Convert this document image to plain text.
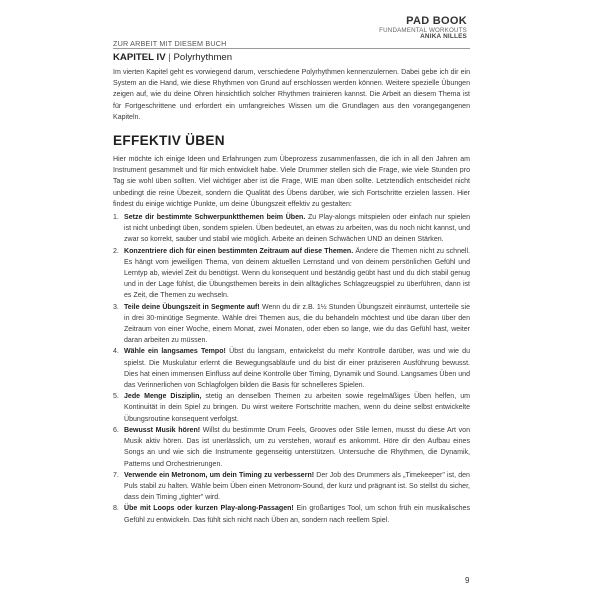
ZUR ARBEIT MIT DIESEM BUCH
PAD BOOK
FUNDAMENTAL WORKOUTS
ANIKA NILLES
KAPITEL IV | Polyrhythmen

Im vierten Kapitel geht es vorwiegend darum, verschiedene Polyrhythmen kennenzulernen. Dabei gebe ich dir ein System an die Hand, wie diese Rhythmen von Grund auf erschlossen werden können. Weitere spezielle Übungen zeigen auf, wie du deine Ohren hinsichtlich solcher Rhythmen trainieren kannst. Die Arbeit an diesem Thema ist für Fortgeschrittene und erfordert ein umfangreiches Wissen um die Grundlagen aus den vorangegangenen Kapiteln.

EFFEKTIV ÜBEN

Hier möchte ich einige Ideen und Erfahrungen zum Übeprozess zusammenfassen, die ich in all den Jahren am Instrument gesammelt und für mich entwickelt habe. Viele Drummer stellen sich die Frage, wie viele Stunden pro Tag sie wohl üben sollten. Viel wichtiger aber ist die Frage, WIE man üben sollte. Letztendlich entscheidet nicht unbedingt die reine Übezeit, sondern die Qualität des Übens darüber, wie sich Fortschritte erzielen lassen. Hier findest du einige wichtige Punkte, um deine Übungszeit effektiv zu gestalten:

1. Setze dir bestimmte Schwerpunktthemen beim Üben. Zu Play-alongs mitspielen oder einfach nur spielen ist nicht unbedingt üben, sondern spielen. Üben bedeutet, an etwas zu arbeiten, was du noch nicht kannst, und zwar so korrekt, sauber und stabil wie möglich. Arbeite an deinen Schwächen UND an deinen Stärken.
2. Konzentriere dich für einen bestimmten Zeitraum auf diese Themen. Ändere die Themen nicht zu schnell. Es hängt vom jeweiligen Thema, von deinem aktuellen Lernstand und von deinem persönlichen Gefühl und Lerntyp ab, wieviel Zeit du benötigst. Wenn du konsequent und beständig geübt hast und du dich stabil genug und in der Lage fühlst, die Übungsthemen bereits in dein alltägliches Schlagzeugspiel zu überführen, dann ist es Zeit, die Themen zu wechseln.
3. Teile deine Übungszeit in Segmente auf! Wenn du dir z.B. 1½ Stunden Übungszeit einräumst, unterteile sie in drei 30-minütige Segmente. Wähle drei Themen aus, die du behandeln möchtest und übe daran über den Zeitraum von einer Woche, einem Monat, zwei Monaten, oder eben so lange, wie du das Gefühl hast, weiter daran arbeiten zu müssen.
4. Wähle ein langsames Tempo! Übst du langsam, entwickelst du mehr Kontrolle darüber, was und wie du spielst. Die Muskulatur erlernt die Bewegungsabläufe und du bist dir einer präziseren Ausführung bewusst. Dies hat einen immensen Einfluss auf deine Kontrolle über Timing, Dynamik und Sound. Langsames Üben und das Verinnerlichen von Schlagfolgen bilden die Basis für schnelleres Spielen.
5. Jede Menge Disziplin, stetig an denselben Themen zu arbeiten sowie regelmäßiges Üben helfen, um Kontinuität in dein Spiel zu bringen. Du wirst weitere Fortschritte machen, wenn du deine selbst entwickelte Übungsroutine konsequent verfolgst.
6. Bewusst Musik hören! Willst du bestimmte Drum Feels, Grooves oder Stile lernen, musst du diese Art von Musik aktiv hören. Das ist unerlässlich, um zu verstehen, worauf es ankommt. Höre dir den Aufbau eines Songs an und wie sich die Instrumente gegenseitig unterstützen. Untersuche die Rhythmen, die Dynamik, Patterns und Orchestrierungen.
7. Verwende ein Metronom, um dein Timing zu verbessern! Der Job des Drummers als „Timekeeper" ist, den Puls stabil zu halten. Wähle beim Üben einen Metronom-Sound, der kurz und prägnant ist. So stellst du sicher, dass dein Timing „tighter" wird.
8. Übe mit Loops oder kurzen Play-along-Passagen! Ein großartiges Tool, um schon früh ein musikalisches Gefühl zu entwickeln. Das fühlt sich nicht nach Üben an, sondern nach reellem Spiel.
9
